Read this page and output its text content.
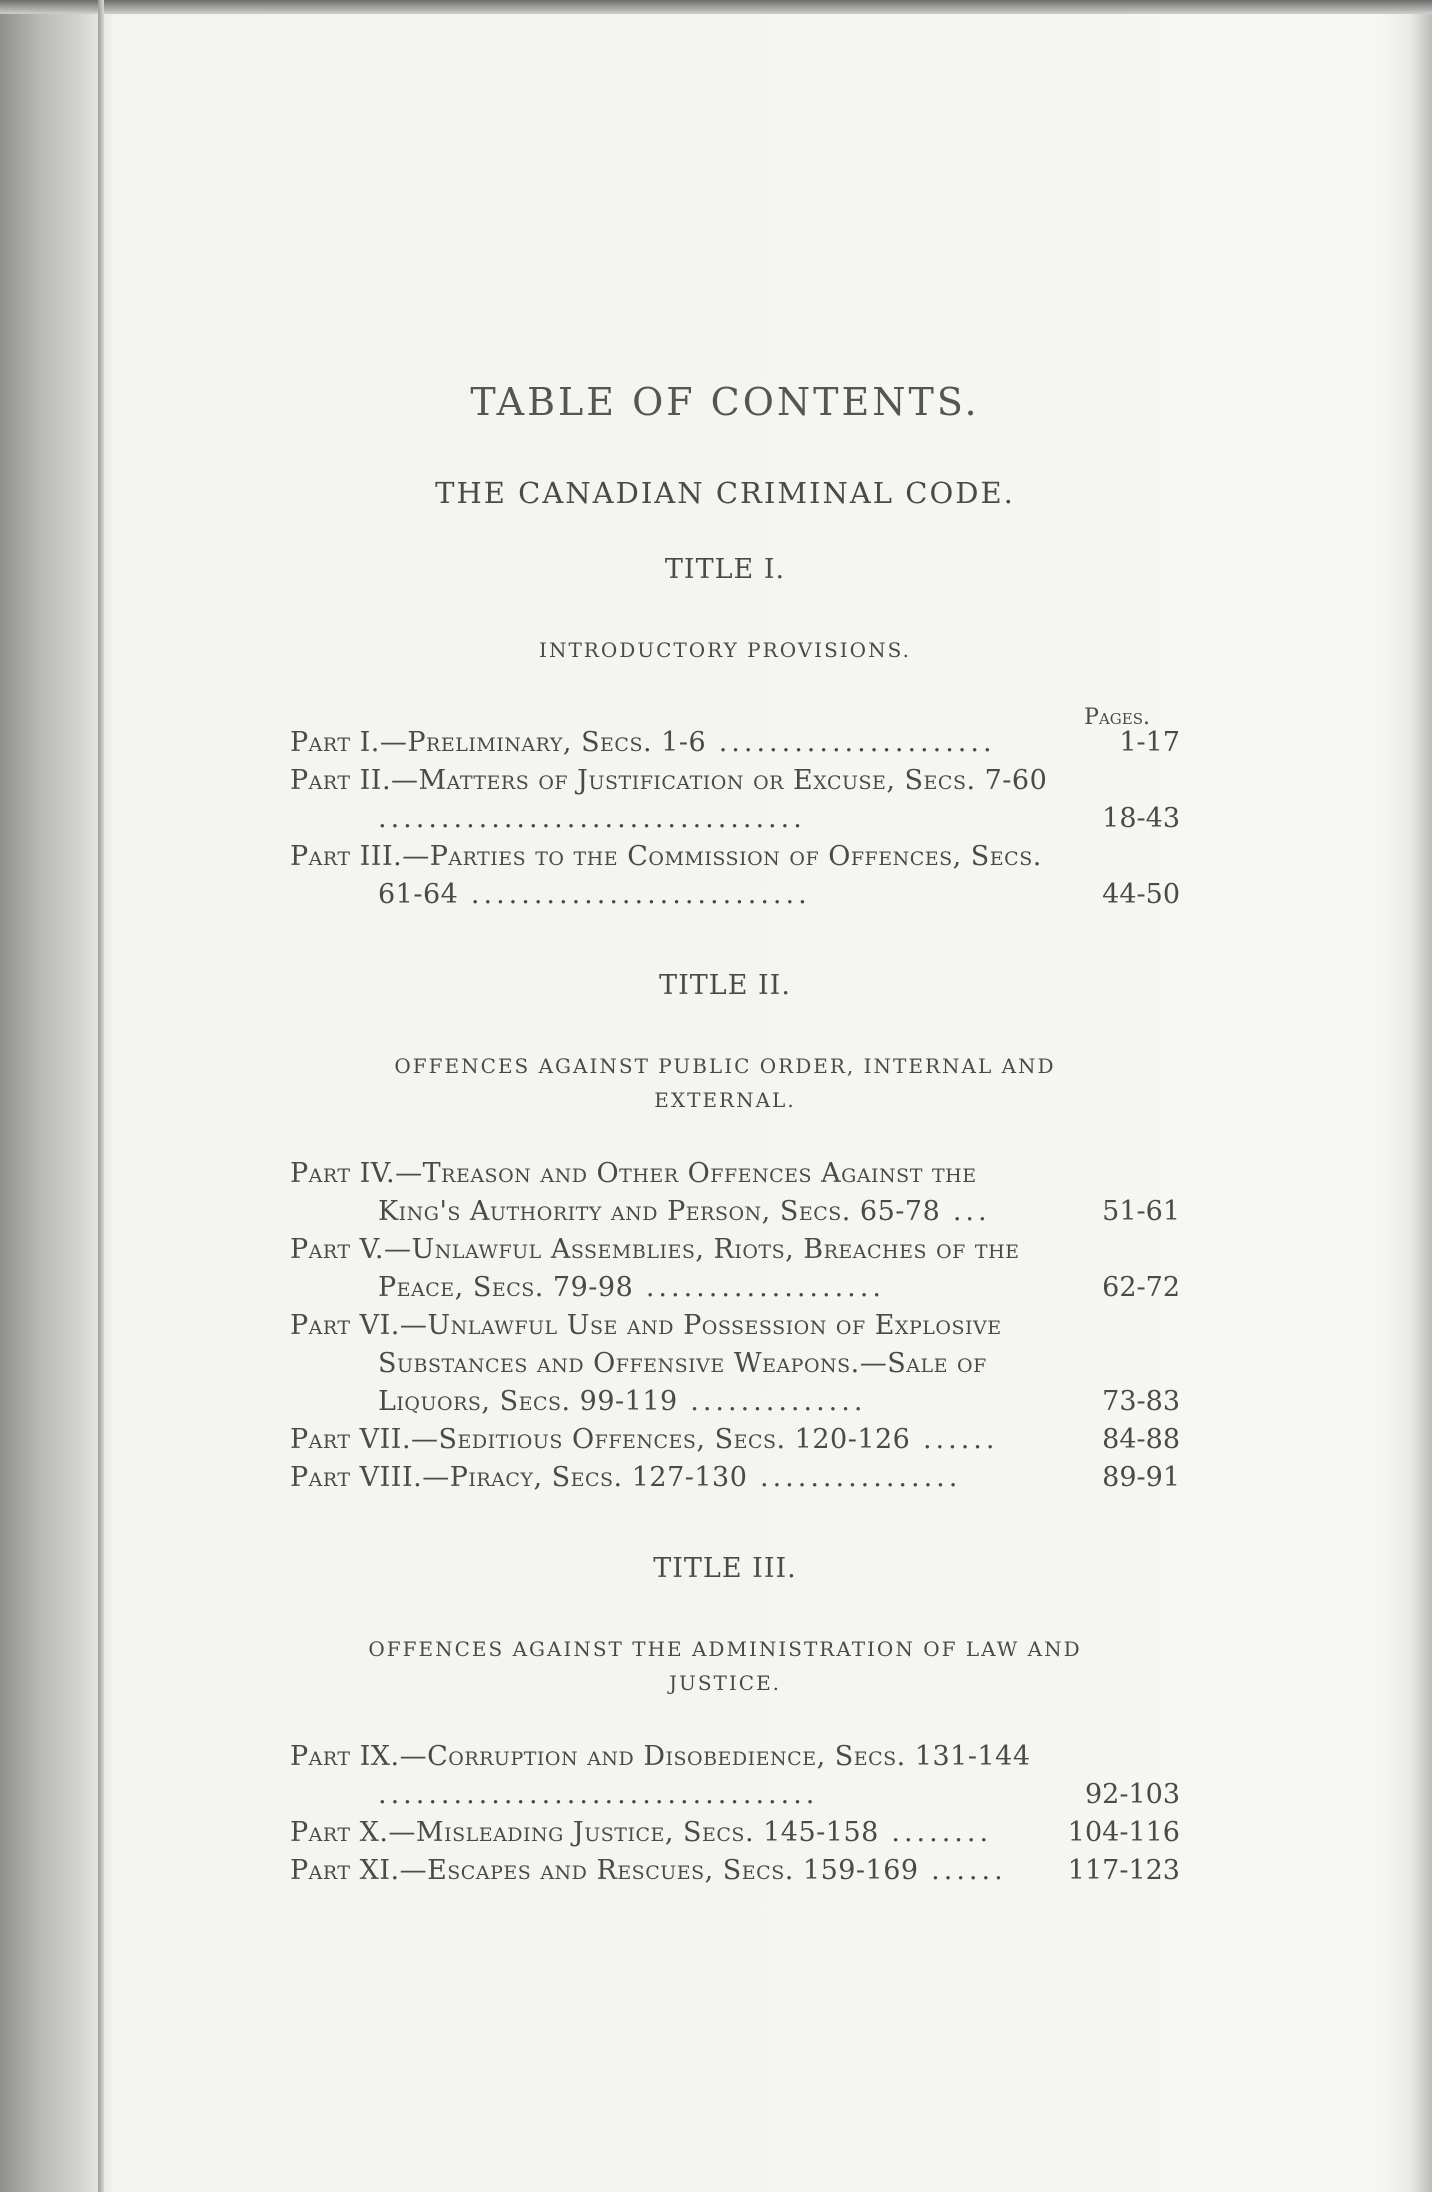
TABLE OF CONTENTS.
THE CANADIAN CRIMINAL CODE.
TITLE I.
INTRODUCTORY PROVISIONS.
Pages.
Part I.—Preliminary, Secs. 1-6 ......................	1-17
Part II.—Matters of Justification or Excuse, Secs. 7-60 ..................................	18-43
Part III.—Parties to the Commission of Offences, Secs. 61-64 ...........................	44-50
TITLE II.
OFFENCES AGAINST PUBLIC ORDER, INTERNAL AND EXTERNAL.
Part IV.—Treason and Other Offences Against the King's Authority and Person, Secs. 65-78 ...	51-61
Part V.—Unlawful Assemblies, Riots, Breaches of the Peace, Secs. 79-98 ...................	62-72
Part VI.—Unlawful Use and Possession of Explosive Substances and Offensive Weapons.—Sale of Liquors, Secs. 99-119 ..............	73-83
Part VII.—Seditious Offences, Secs. 120-126 ......	84-88
Part VIII.—Piracy, Secs. 127-130 ................	89-91
TITLE III.
OFFENCES AGAINST THE ADMINISTRATION OF LAW AND JUSTICE.
Part IX.—Corruption and Disobedience, Secs. 131-144 ...................................	92-103
Part X.—Misleading Justice, Secs. 145-158 ........	104-116
Part XI.—Escapes and Rescues, Secs. 159-169 ......	117-123
